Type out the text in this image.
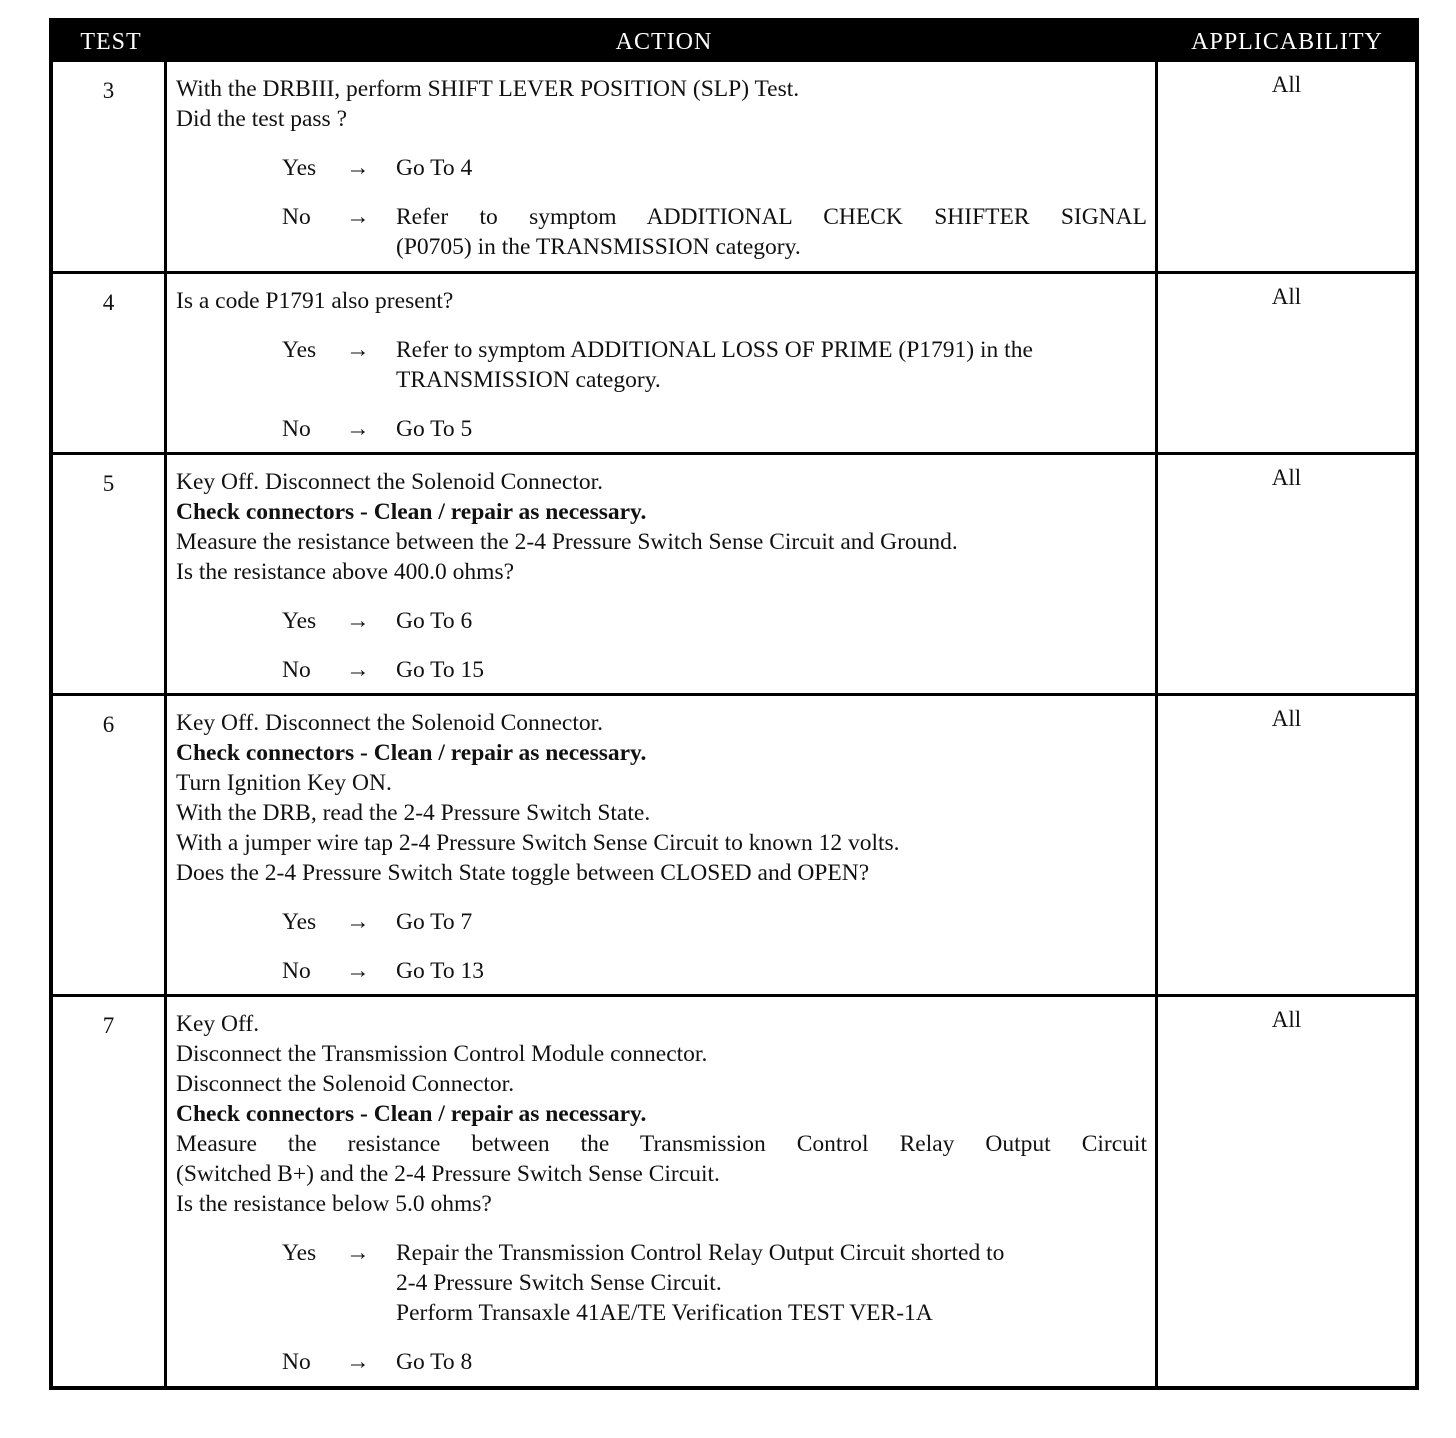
TEST	ACTION	APPLICABILITY
3	With the DRBIII, perform SHIFT LEVER POSITION (SLP) Test.
Did the test pass ?
Yes	→	Go To 4
No	→	Refer to symptom ADDITIONAL CHECK SHIFTER SIGNAL
(P0705) in the TRANSMISSION category.
All
4	Is a code P1791 also present?
Yes	→	Refer to symptom ADDITIONAL LOSS OF PRIME (P1791) in the
TRANSMISSION category.
No	→	Go To 5
All
5	Key Off. Disconnect the Solenoid Connector.
Check connectors - Clean / repair as necessary.
Measure the resistance between the 2-4 Pressure Switch Sense Circuit and Ground.
Is the resistance above 400.0 ohms?
Yes	→	Go To 6
No	→	Go To 15
All
6	Key Off. Disconnect the Solenoid Connector.
Check connectors - Clean / repair as necessary.
Turn Ignition Key ON.
With the DRB, read the 2-4 Pressure Switch State.
With a jumper wire tap 2-4 Pressure Switch Sense Circuit to known 12 volts.
Does the 2-4 Pressure Switch State toggle between CLOSED and OPEN?
Yes	→	Go To 7
No	→	Go To 13
All
7	Key Off.
Disconnect the Transmission Control Module connector.
Disconnect the Solenoid Connector.
Check connectors - Clean / repair as necessary.
Measure the resistance between the Transmission Control Relay Output Circuit
(Switched B+) and the 2-4 Pressure Switch Sense Circuit.
Is the resistance below 5.0 ohms?
Yes	→	Repair the Transmission Control Relay Output Circuit shorted to
2-4 Pressure Switch Sense Circuit.
Perform Transaxle 41AE/TE Verification TEST VER-1A
No	→	Go To 8
All
